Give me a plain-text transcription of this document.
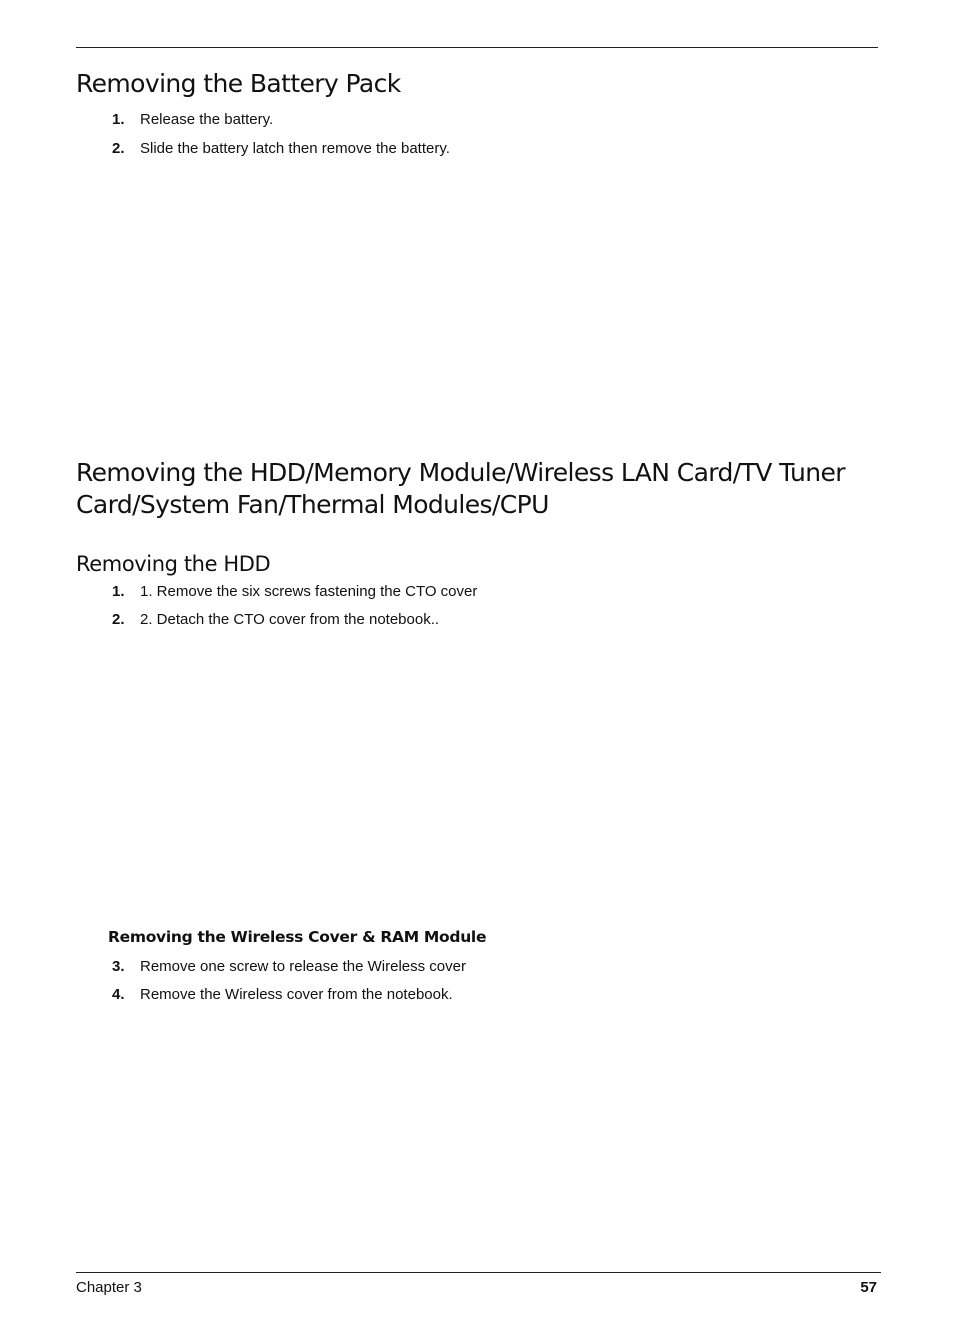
Removing the Battery Pack
1. Release the battery.
2. Slide the battery latch then remove the battery.
Removing the HDD/Memory Module/Wireless LAN Card/TV Tuner
Card/System Fan/Thermal Modules/CPU
Removing the HDD
1. 1. Remove the six screws fastening the CTO cover
2. 2. Detach the CTO cover from the notebook..
Removing the Wireless Cover & RAM Module
3. Remove one screw to release the Wireless cover
4. Remove the Wireless cover from the notebook.
Chapter 3	57
